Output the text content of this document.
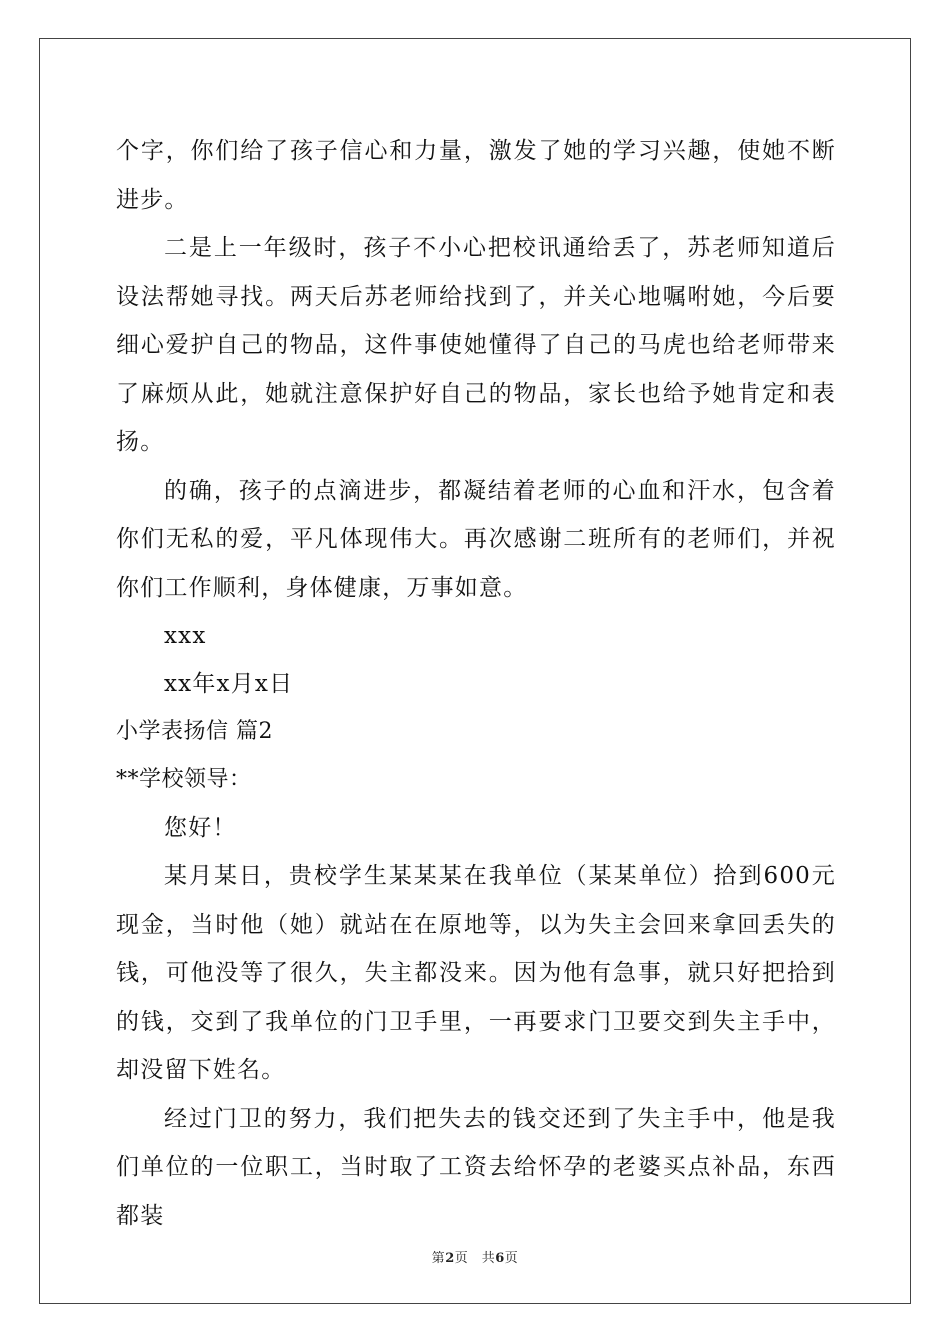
个字，你们给了孩子信心和力量，激发了她的学习兴趣，使她不断进步。

二是上一年级时，孩子不小心把校讯通给丢了，苏老师知道后设法帮她寻找。两天后苏老师给找到了，并关心地嘱咐她，今后要细心爱护自己的物品，这件事使她懂得了自己的马虎也给老师带来了麻烦从此，她就注意保护好自己的物品，家长也给予她肯定和表扬。

的确，孩子的点滴进步，都凝结着老师的心血和汗水，包含着你们无私的爱，平凡体现伟大。再次感谢二班所有的老师们，并祝你们工作顺利，身体健康，万事如意。

xxx

xx年x月x日

小学表扬信 篇2

**学校领导：

您好！

某月某日，贵校学生某某某在我单位（某某单位）拾到600元现金，当时他（她）就站在在原地等，以为失主会回来拿回丢失的钱，可他没等了很久，失主都没来。因为他有急事，就只好把拾到的钱，交到了我单位的门卫手里，一再要求门卫要交到失主手中，却没留下姓名。

经过门卫的努力，我们把失去的钱交还到了失主手中，他是我们单位的一位职工，当时取了工资去给怀孕的老婆买点补品，东西都装

第2页　共6页
